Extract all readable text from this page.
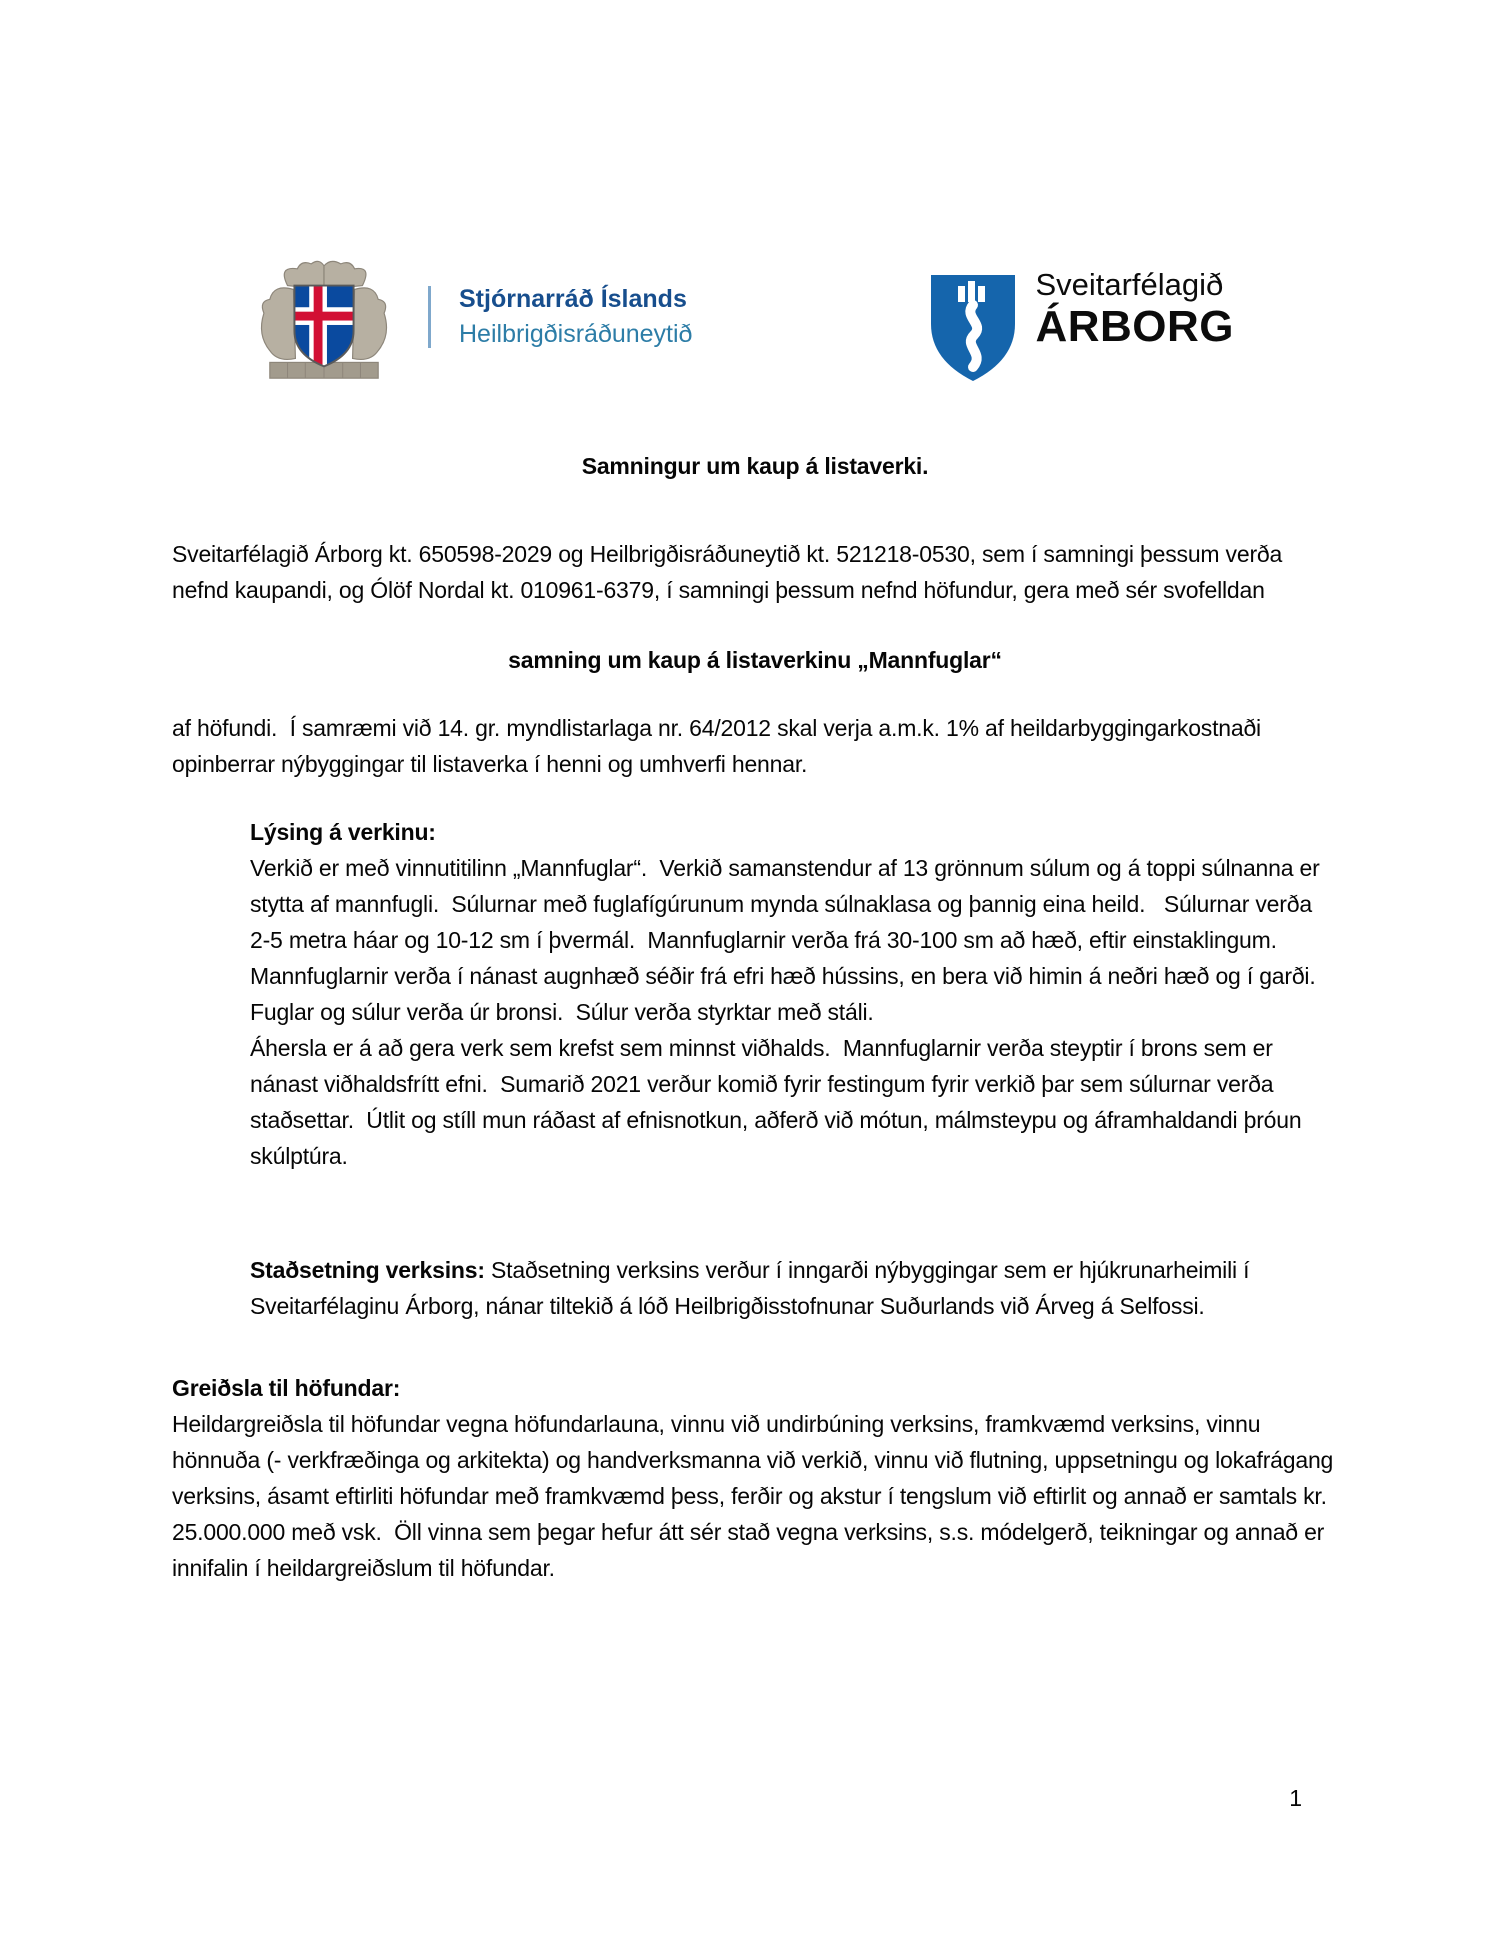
Stjórnarráð Íslands
Heilbrigðisráðuneytið
Sveitarfélagið
ÁRBORG
Samningur um kaup á listaverki.

Sveitarfélagið Árborg kt. 650598-2029 og Heilbrigðisráðuneytið kt. 521218-0530, sem í samningi þessum verða nefnd kaupandi, og Ólöf Nordal kt. 010961-6379, í samningi þessum nefnd höfundur, gera með sér svofelldan

samning um kaup á listaverkinu „Mannfuglar“

af höfundi.  Í samræmi við 14. gr. myndlistarlaga nr. 64/2012 skal verja a.m.k. 1% af heildarbyggingarkostnaði opinberrar nýbyggingar til listaverka í henni og umhverfi hennar.

Lýsing á verkinu:

Verkið er með vinnutitilinn „Mannfuglar“.  Verkið samanstendur af 13 grönnum súlum og á toppi súlnanna er stytta af mannfugli.  Súlurnar með fuglafígúrunum mynda súlnaklasa og þannig eina heild.   Súlurnar verða 2-5 metra háar og 10-12 sm í þvermál.  Mannfuglarnir verða frá 30-100 sm að hæð, eftir einstaklingum. Mannfuglarnir verða í nánast augnhæð séðir frá efri hæð hússins, en bera við himin á neðri hæð og í garði.

Fuglar og súlur verða úr bronsi.  Súlur verða styrktar með stáli.

Áhersla er á að gera verk sem krefst sem minnst viðhalds.  Mannfuglarnir verða steyptir í brons sem er nánast viðhaldsfrítt efni.  Sumarið 2021 verður komið fyrir festingum fyrir verkið þar sem súlurnar verða staðsettar.  Útlit og stíll mun ráðast af efnisnotkun, aðferð við mótun, málmsteypu og áframhaldandi þróun skúlptúra.

Staðsetning verksins: Staðsetning verksins verður í inngarði nýbyggingar sem er hjúkrunarheimili í Sveitarfélaginu Árborg, nánar tiltekið á lóð Heilbrigðisstofnunar Suðurlands við Árveg á Selfossi.

Greiðsla til höfundar:

Heildargreiðsla til höfundar vegna höfundarlauna, vinnu við undirbúning verksins, framkvæmd verksins, vinnu hönnuða (- verkfræðinga og arkitekta) og handverksmanna við verkið, vinnu við flutning, uppsetningu og lokafrágang verksins, ásamt eftirliti höfundar með framkvæmd þess, ferðir og akstur í tengslum við eftirlit og annað er samtals kr. 25.000.000 með vsk.  Öll vinna sem þegar hefur átt sér stað vegna verksins, s.s. módelgerð, teikningar og annað er innifalin í heildargreiðslum til höfundar.

1
